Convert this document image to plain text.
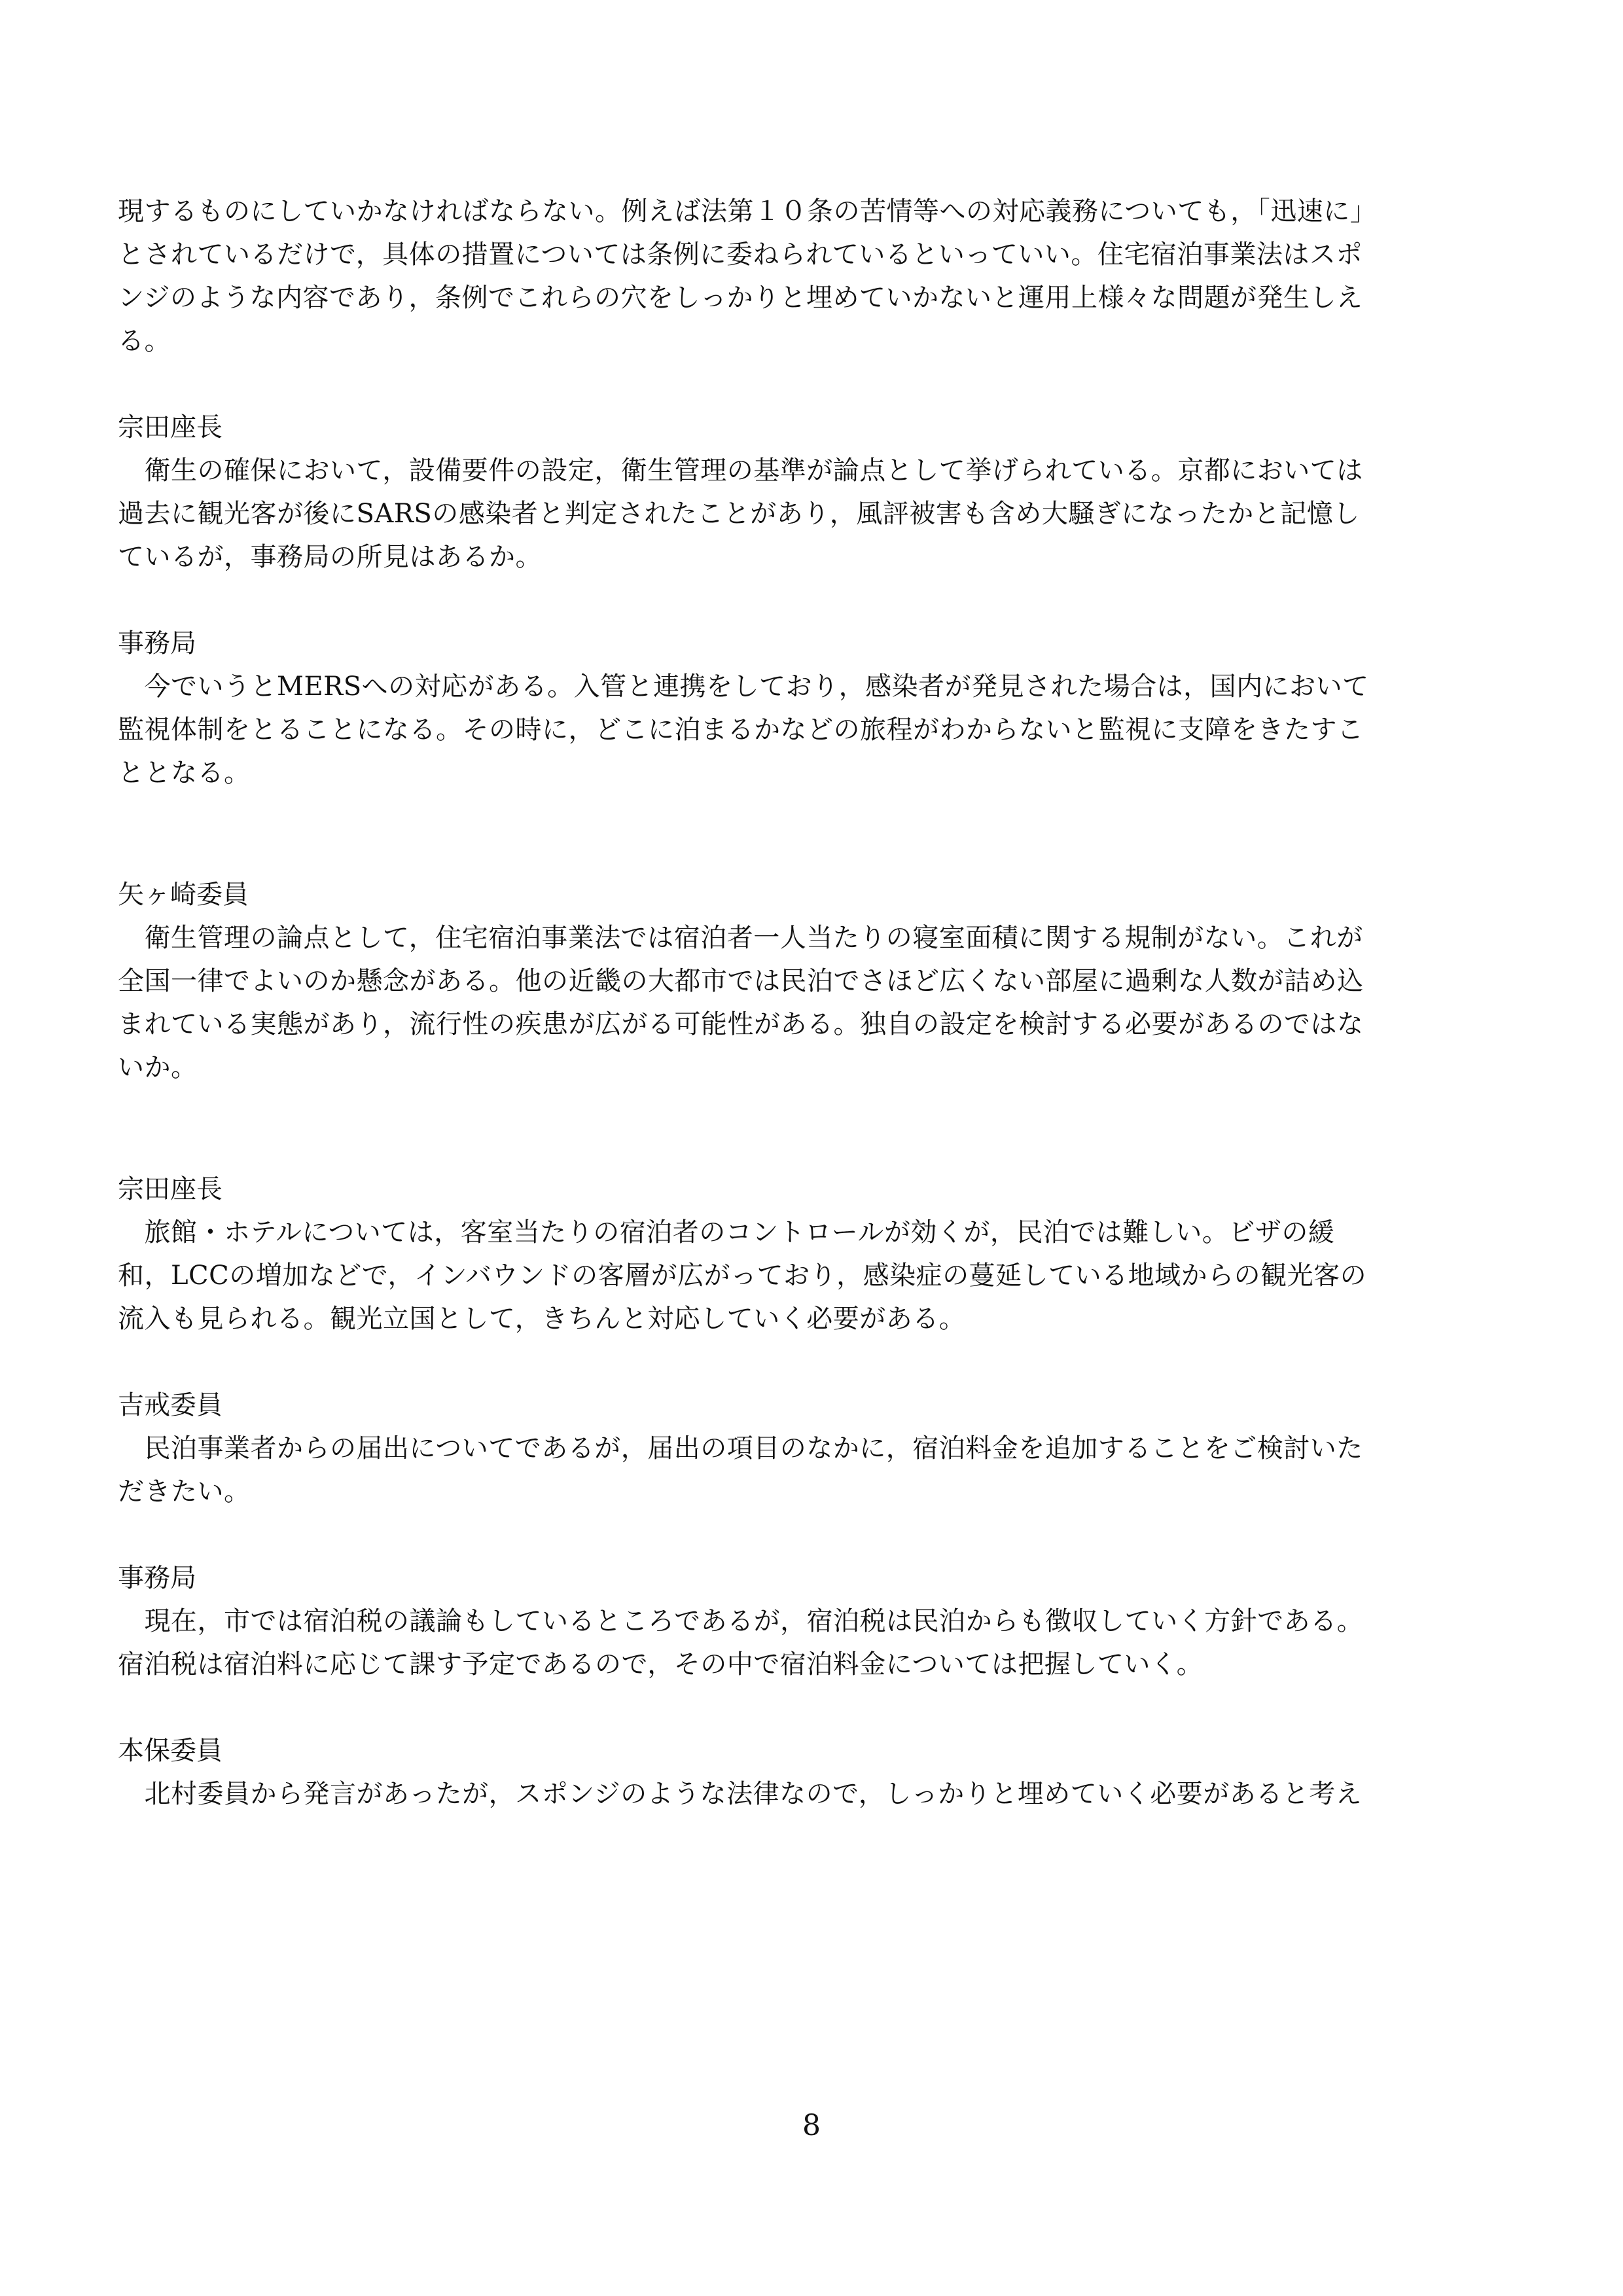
現するものにしていかなければならない。例えば法第１０条の苦情等への対応義務についても，「迅速に」
とされているだけで，具体の措置については条例に委ねられているといっていい。住宅宿泊事業法はスポ
ンジのような内容であり，条例でこれらの穴をしっかりと埋めていかないと運用上様々な問題が発生しえ
る。
宗田座長
　衛生の確保において，設備要件の設定，衛生管理の基準が論点として挙げられている。京都においては
過去に観光客が後にSARSの感染者と判定されたことがあり，風評被害も含め大騒ぎになったかと記憶し
ているが，事務局の所見はあるか。
事務局
　今でいうとMERSへの対応がある。入管と連携をしており，感染者が発見された場合は，国内において
監視体制をとることになる。その時に，どこに泊まるかなどの旅程がわからないと監視に支障をきたすこ
ととなる。
矢ヶ崎委員
　衛生管理の論点として，住宅宿泊事業法では宿泊者一人当たりの寝室面積に関する規制がない。これが
全国一律でよいのか懸念がある。他の近畿の大都市では民泊でさほど広くない部屋に過剰な人数が詰め込
まれている実態があり，流行性の疾患が広がる可能性がある。独自の設定を検討する必要があるのではな
いか。
宗田座長
　旅館・ホテルについては，客室当たりの宿泊者のコントロールが効くが，民泊では難しい。ビザの緩
和，LCCの増加などで，インバウンドの客層が広がっており，感染症の蔓延している地域からの観光客の
流入も見られる。観光立国として，きちんと対応していく必要がある。
吉戒委員
　民泊事業者からの届出についてであるが，届出の項目のなかに，宿泊料金を追加することをご検討いた
だきたい。
事務局
　現在，市では宿泊税の議論もしているところであるが，宿泊税は民泊からも徴収していく方針である。
宿泊税は宿泊料に応じて課す予定であるので，その中で宿泊料金については把握していく。
本保委員
　北村委員から発言があったが，スポンジのような法律なので，しっかりと埋めていく必要があると考え
8
